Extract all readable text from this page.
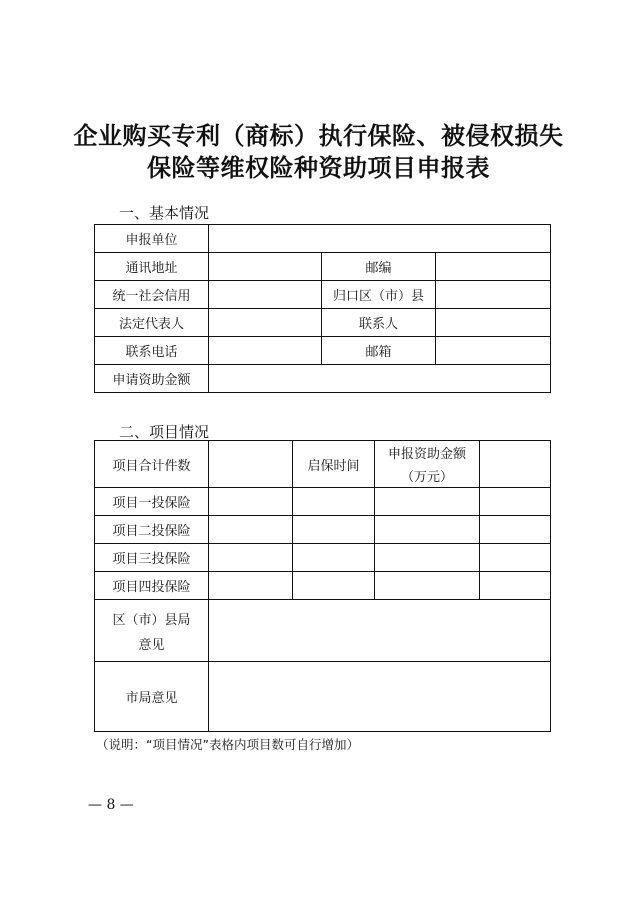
企业购买专利（商标）执行保险、被侵权损失
保险等维权险种资助项目申报表
一、基本情况
申报单位			
通讯地址		邮编	
统一社会信用		归口区（市）县	
法定代表人		联系人	
联系电话		邮箱	
申请资助金额			
二、项目情况
项目合计件数		启保时间	申报资助金额
（万元）	

项目一投保险				
项目二投保险				
项目三投保险				
项目四投保险				

区（市）县局
意见				

市局意见				
（说明：“项目情况”表格内项目数可自行增加）
— 8 —
